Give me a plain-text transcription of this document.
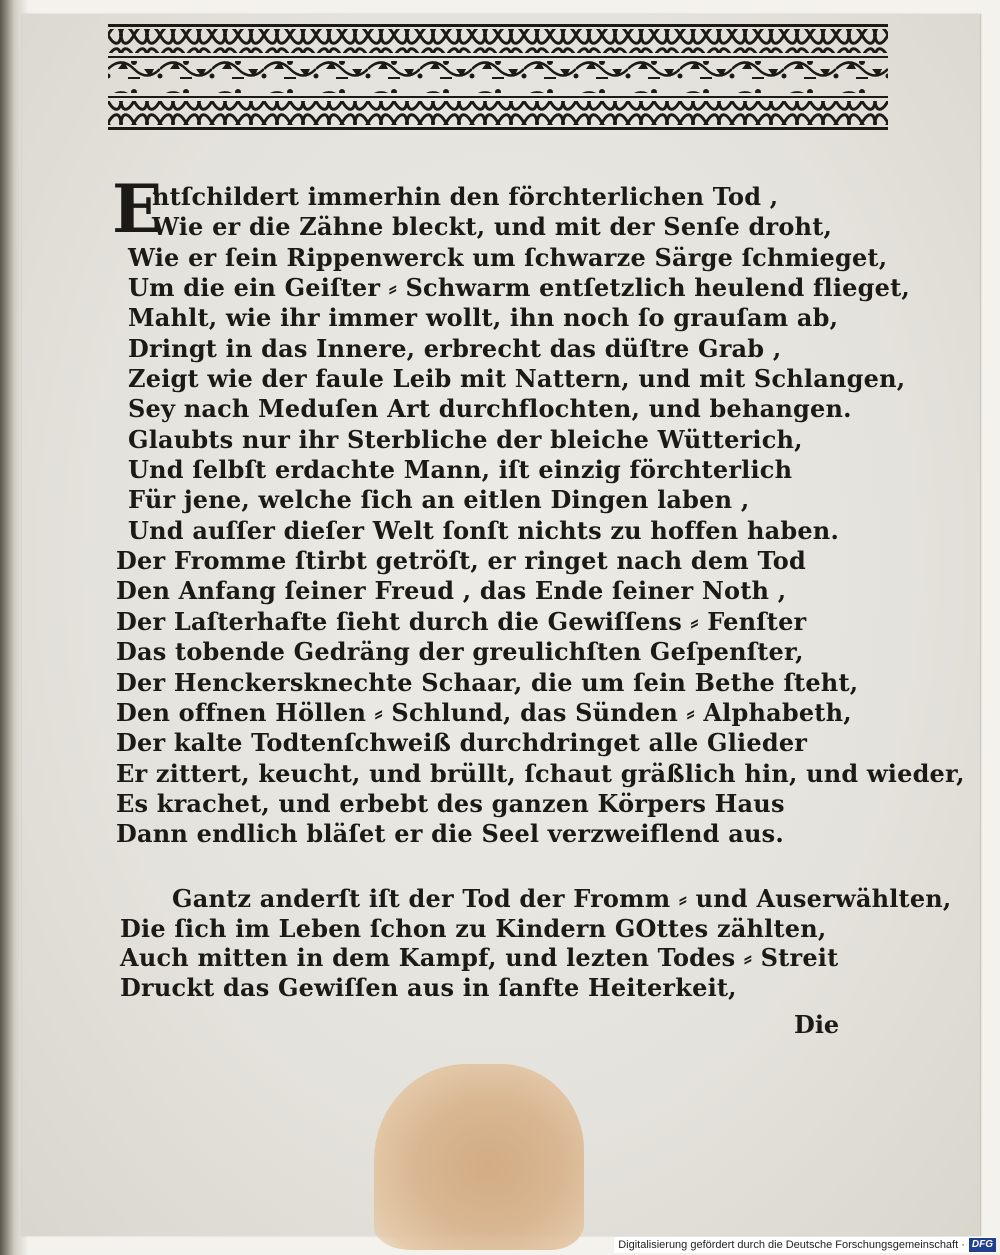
E
ntſchildert immerhin den förchterlichen Tod ,
Wie er die Zähne bleckt, und mit der Senſe droht,
Wie er ſein Rippenwerck um ſchwarze Särge ſchmieget,
Um die ein Geiſter ⸗ Schwarm entſetzlich heulend flieget,
Mahlt, wie ihr immer wollt, ihn noch ſo grauſam ab,
Dringt in das Innere, erbrecht das düſtre Grab ,
Zeigt wie der faule Leib mit Nattern, und mit Schlangen,
Sey nach Meduſen Art durchflochten, und behangen.
Glaubts nur ihr Sterbliche der bleiche Wütterich,
Und ſelbſt erdachte Mann, iſt einzig förchterlich
Für jene, welche ſich an eitlen Dingen laben ,
Und auſſer dieſer Welt ſonſt nichts zu hoffen haben.
Der Fromme ſtirbt getröſt, er ringet nach dem Tod
Den Anfang ſeiner Freud , das Ende ſeiner Noth ,
Der Laſterhafte ſieht durch die Gewiſſens ⸗ Fenſter
Das tobende Gedräng der greulichſten Geſpenſter,
Der Henckersknechte Schaar, die um ſein Bethe ſteht,
Den offnen Höllen ⸗ Schlund, das Sünden ⸗ Alphabeth,
Der kalte Todtenſchweiß durchdringet alle Glieder
Er zittert, keucht, und brüllt, ſchaut gräßlich hin, und wieder,
Es krachet, und erbebt des ganzen Körpers Haus
Dann endlich bläſet er die Seel verzweiflend aus.
Gantz anderſt iſt der Tod der Fromm ⸗ und Auserwählten,
Die ſich im Leben ſchon zu Kindern GOttes zählten,
Auch mitten in dem Kampf, und lezten Todes ⸗ Streit
Druckt das Gewiſſen aus in ſanfte Heiterkeit,
Die
Digitalisierung gefördert durch die Deutsche Forschungsgemeinschaft · DFG
